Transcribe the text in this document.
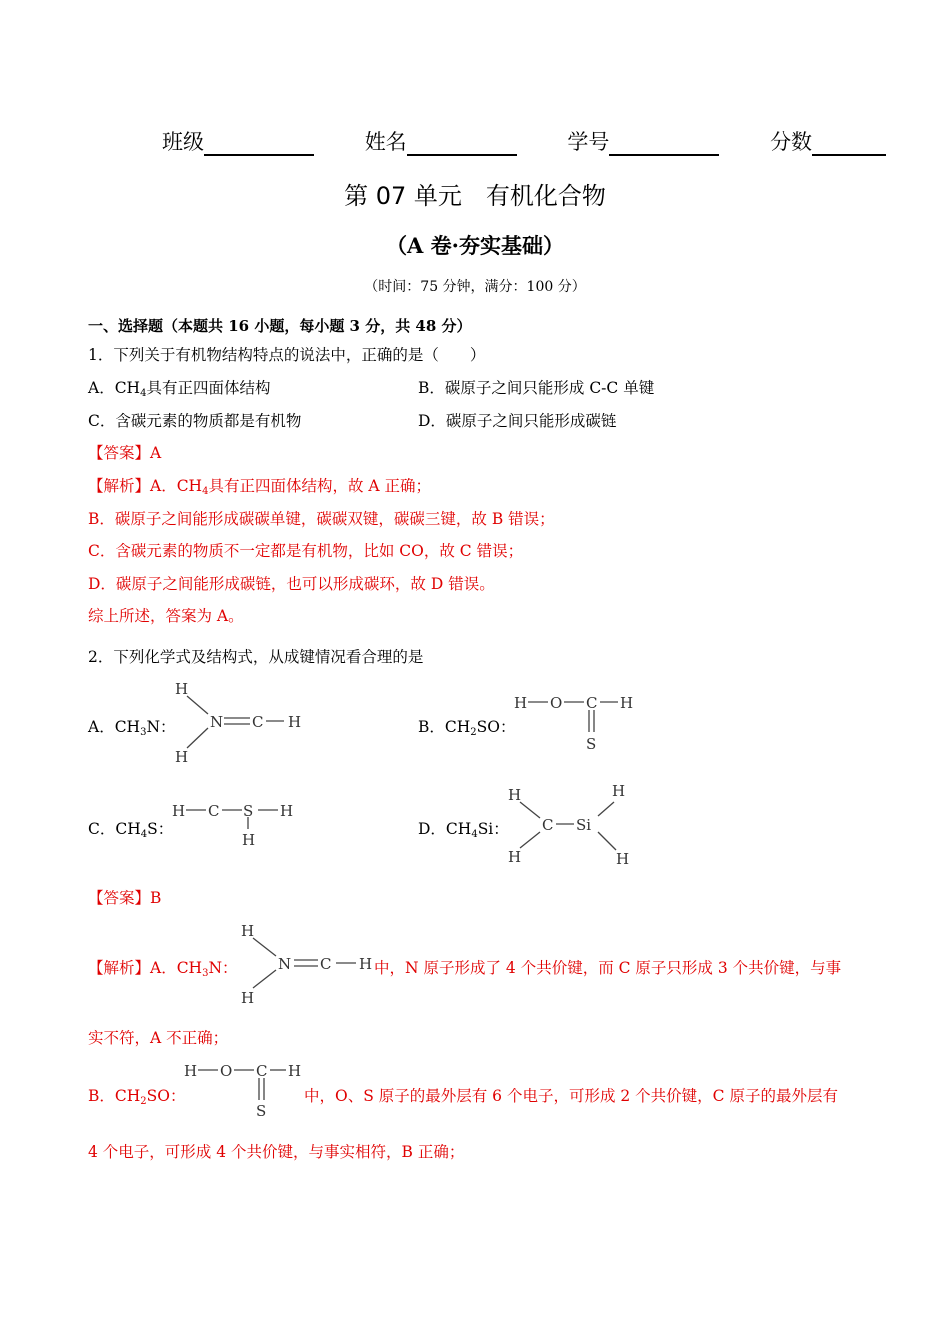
班级	姓名	学号	分数
第 07 单元　有机化合物
（A 卷·夯实基础）
（时间：75 分钟，满分：100 分）
一、选择题（本题共 16 小题，每小题 3 分，共 48 分）
1．下列关于有机物结构特点的说法中，正确的是（　　）
A．$CH_4$具有正四面体结构	B．碳原子之间只能形成 C-C 单键
C．含碳元素的物质都是有机物	D．碳原子之间只能形成碳链
【答案】A
【解析】A．$CH_4$具有正四面体结构，故 A 正确；
B．碳原子之间能形成碳碳单键，碳碳双键，碳碳三键，故 B 错误；
C．含碳元素的物质不一定都是有机物，比如 CO，故 C 错误；
D．碳原子之间能形成碳链，也可以形成碳环，故 D 错误。
综上所述，答案为 A。
2．下列化学式及结构式，从成键情况看合理的是
A．$CH_3N$：
H
H
N C H	B．$CH_2SO$：
H O C H
S
C．$CH_4S$：
H C S H
H
D．$CH_4Si$：
H
H
C Si
H
H
【答案】B
【解析】A．$CH_3N$：
H
H
N C H 中，N 原子形成了 4 个共价键，而 C 原子只形成 3 个共价键，与事
实不符，A 不正确；
B．$CH_2SO$：
H O C H
S
中，O、S 原子的最外层有 6 个电子，可形成 2 个共价键，C 原子的最外层有
4 个电子，可形成 4 个共价键，与事实相符，B 正确；
